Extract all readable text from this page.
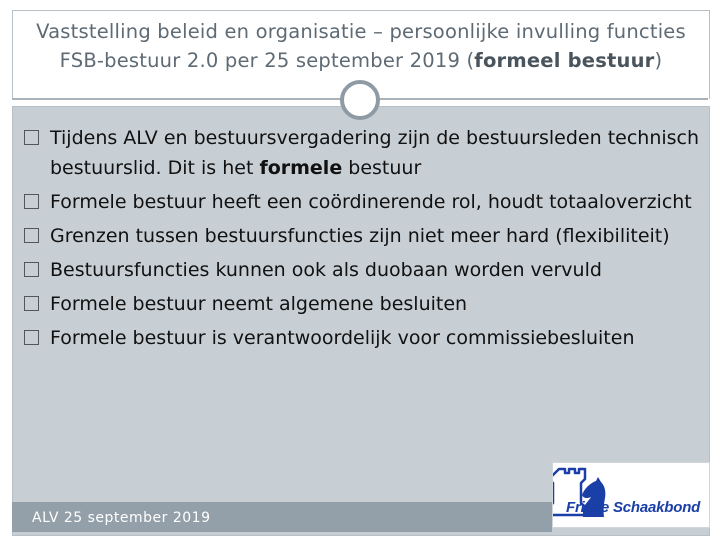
Vaststelling beleid en organisatie – persoonlijke invulling functies
FSB-bestuur 2.0 per 25 september 2019 (formeel bestuur)
Tijdens ALV en bestuursvergadering zijn de bestuursleden technisch bestuurslid. Dit is het formele bestuur
Formele bestuur heeft een coördinerende rol, houdt totaaloverzicht
Grenzen tussen bestuursfuncties zijn niet meer hard (flexibiliteit)
Bestuursfuncties kunnen ook als duobaan worden vervuld
Formele bestuur neemt algemene besluiten
Formele bestuur is verantwoordelijk voor commissiebesluiten
ALV 25 september 2019
Friese Schaakbond
